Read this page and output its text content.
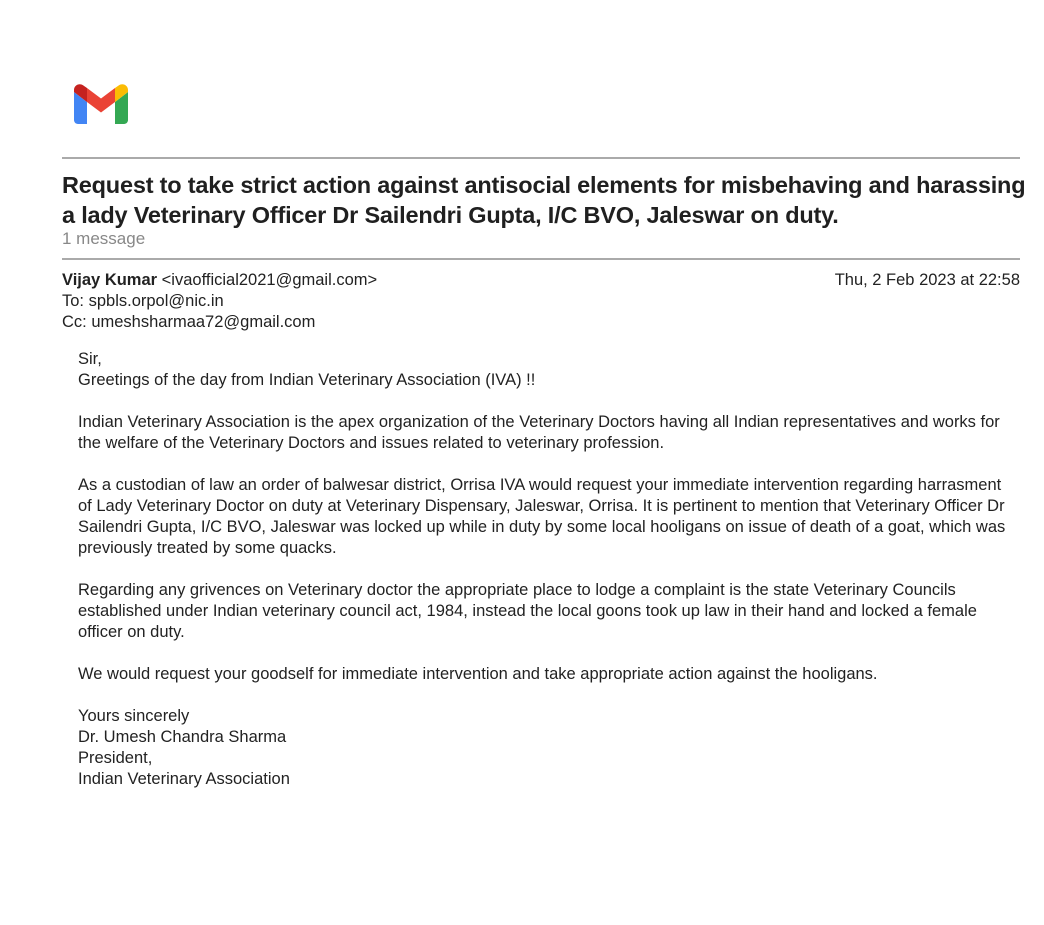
Request to take strict action against antisocial elements for misbehaving and harassing a lady Veterinary Officer Dr Sailendri Gupta, I/C BVO, Jaleswar on duty.
1 message
Vijay Kumar <ivaofficial2021@gmail.com>	Thu, 2 Feb 2023 at 22:58
To: spbls.orpol@nic.in
Cc: umeshsharmaa72@gmail.com

Sir,
Greetings of the day from Indian Veterinary Association (IVA) !!

Indian Veterinary Association is the apex organization of the Veterinary Doctors having all Indian representatives and works for the welfare of the Veterinary Doctors and issues related to veterinary profession.

As a custodian of law an order of balwesar district, Orrisa IVA would request your immediate intervention regarding harrasment of Lady Veterinary Doctor on duty at Veterinary Dispensary, Jaleswar, Orrisa. It is pertinent to mention that Veterinary Officer Dr Sailendri Gupta, I/C BVO, Jaleswar was locked up while in duty by some local hooligans on issue of death of a goat, which was previously treated by some quacks.

Regarding any grivences on Veterinary doctor the appropriate place to lodge a complaint is the state Veterinary Councils established under Indian veterinary council act, 1984, instead the local goons took up law in their hand and locked a female officer on duty.

We would request your goodself for immediate intervention and take appropriate action against the hooligans.

Yours sincerely
Dr. Umesh Chandra Sharma
President,
Indian Veterinary Association
